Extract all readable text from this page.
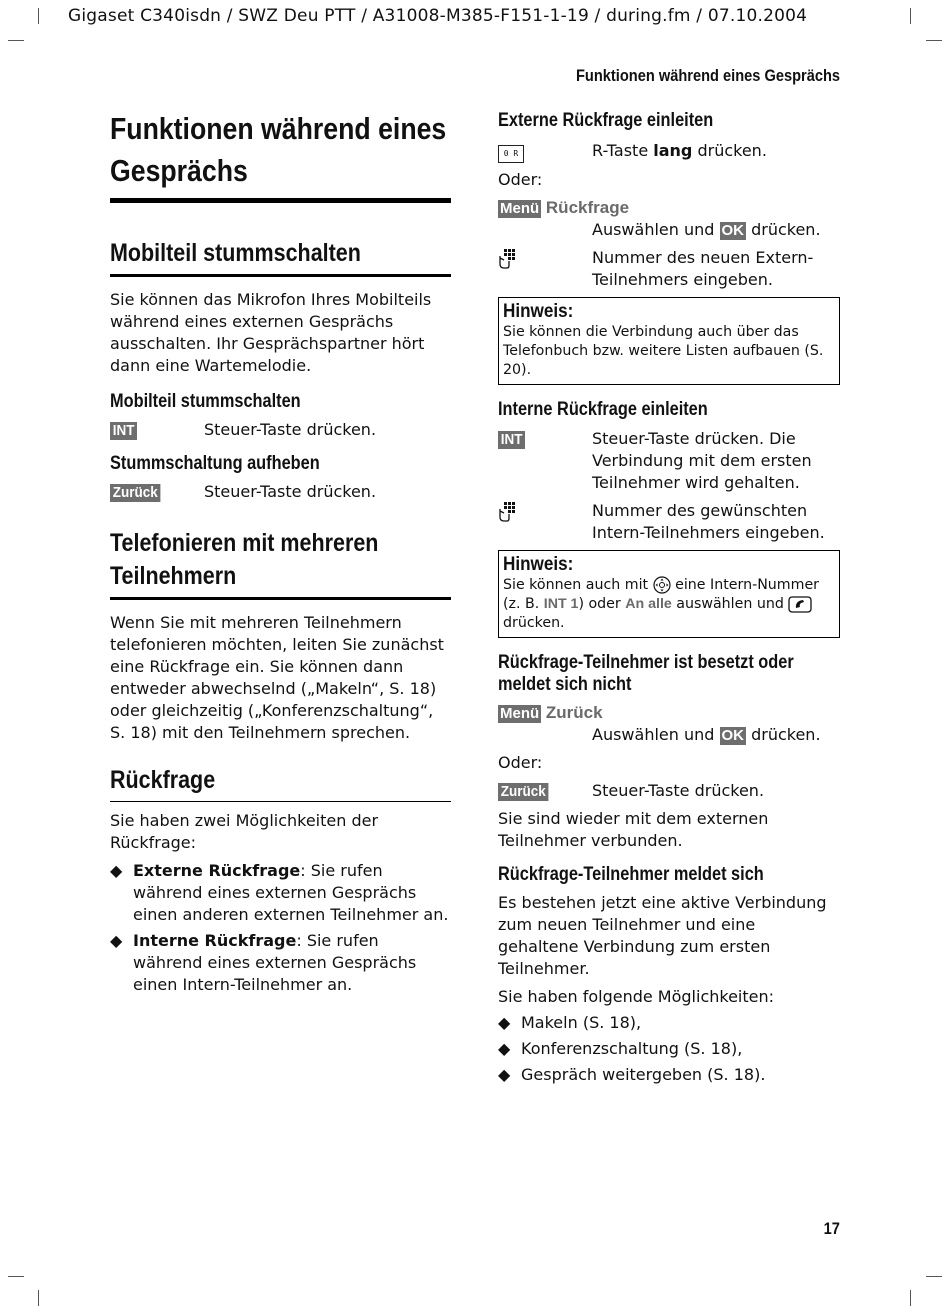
Gigaset C340isdn / SWZ Deu PTT / A31008-M385-F151-1-19 / during.fm / 07.10.2004
Funktionen während eines Gesprächs
Funktionen während eines Gesprächs
Mobilteil stummschalten

Sie können das Mikrofon Ihres Mobilteils während eines externen Gesprächs ausschalten. Ihr Gesprächspartner hört dann eine Wartemelodie.

Mobilteil stummschalten
INT	Steuer-Taste drücken.
Stummschaltung aufheben
Zurück	Steuer-Taste drücken.
Telefonieren mit mehreren Teilnehmern

Wenn Sie mit mehreren Teilnehmern telefonieren möchten, leiten Sie zunächst eine Rückfrage ein. Sie können dann entweder abwechselnd („Makeln“, S. 18) oder gleichzeitig („Konferenzschaltung“, S. 18) mit den Teilnehmern sprechen.

Rückfrage

Sie haben zwei Möglichkeiten der Rückfrage:

◆ Externe Rückfrage: Sie rufen während eines externen Gesprächs einen anderen externen Teilnehmer an.
◆ Interne Rückfrage: Sie rufen während eines externen Gesprächs einen Intern-Teilnehmer an.
Externe Rückfrage einleiten
0 R	R-Taste lang drücken.
Oder:
Menü Rückfrage
Auswählen und OK drücken.
Nummer des neuen Extern-Teilnehmers eingeben.
Hinweis:
Sie können die Verbindung auch über das Telefonbuch bzw. weitere Listen aufbauen (S. 20).
Interne Rückfrage einleiten
INT	Steuer-Taste drücken. Die Verbindung mit dem ersten Teilnehmer wird gehalten.
Nummer des gewünschten Intern-Teilnehmers eingeben.
Hinweis:
Sie können auch mit  eine Intern-Nummer (z. B. INT 1) oder An alle auswählen und  drücken.
Rückfrage-Teilnehmer ist besetzt oder meldet sich nicht
Menü Zurück
Auswählen und OK drücken.
Oder:
Zurück	Steuer-Taste drücken.

Sie sind wieder mit dem externen Teilnehmer verbunden.

Rückfrage-Teilnehmer meldet sich

Es bestehen jetzt eine aktive Verbindung zum neuen Teilnehmer und eine gehaltene Verbindung zum ersten Teilnehmer.

Sie haben folgende Möglichkeiten:

◆ Makeln (S. 18),
◆ Konferenzschaltung (S. 18),
◆ Gespräch weitergeben (S. 18).
17
